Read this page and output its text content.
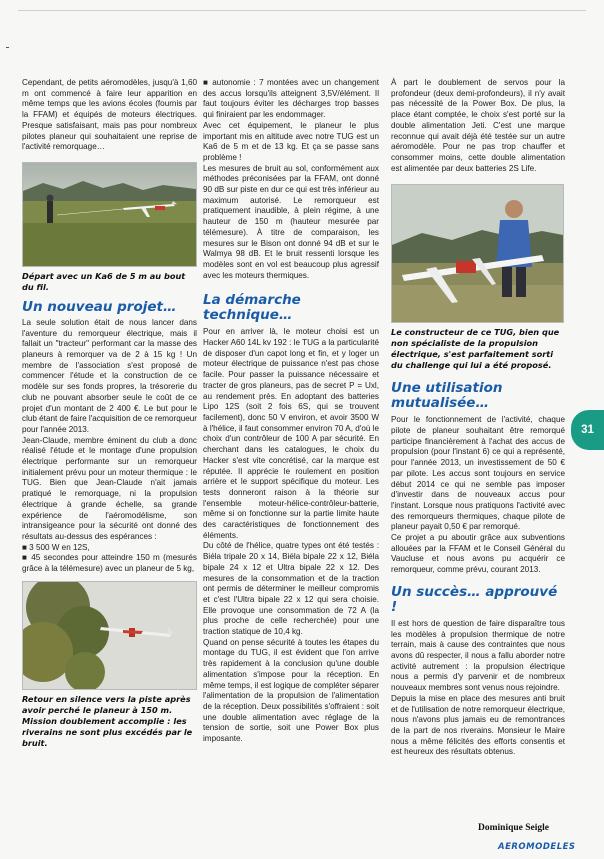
Cependant, de petits aéromodèles, jusqu'à 1,60 m ont commencé à faire leur apparition en même temps que les avions écoles (fournis par la FFAM) et équipés de moteurs électriques. Presque satisfaisant, mais pas pour nombreux pilotes planeur qui souhaitaient une reprise de l'activité remorquage…

Départ avec un Ka6 de 5 m au bout du fil.
Un nouveau projet…

La seule solution était de nous lancer dans l'aventure du remorqueur électrique, mais il fallait un "tracteur" performant car la masse des planeurs à remorquer va de 2 à 15 kg ! Un membre de l'association s'est proposé de commencer l'étude et la construction de ce modèle sur ses fonds propres, la trésorerie du club ne pouvant absorber seule le coût de ce projet d'un montant de 2 400 €. Le but pour le club étant de faire l'acquisition de ce remorqueur pour l'année 2013.

Jean-Claude, membre éminent du club a donc réalisé l'étude et le montage d'une propulsion électrique performante sur un remorqueur initialement prévu pour un moteur thermique : le TUG. Bien que Jean-Claude n'ait jamais pratiqué le remorquage, ni la propulsion électrique à grande échelle, sa grande expérience de l'aéromodélisme, son intransigeance pour la sécurité ont donné des résultats au-dessus des espérances :

■ 3 500 W en 12S,

■ 45 secondes pour atteindre 150 m (mesurés grâce à la télémesure) avec un planeur de 5 kg,

Retour en silence vers la piste après avoir perché le planeur à 150 m. Mission doublement accomplie : les riverains ne sont plus excédés par le bruit.

■ autonomie : 7 montées avec un changement des accus lorsqu'ils atteignent 3,5V/élément. Il faut toujours éviter les décharges trop basses qui finiraient par les endommager.

Avec cet équipement, le planeur le plus important mis en altitude avec notre TUG est un Ka6 de 5 m et de 13 kg. Et ça se passe sans problème !

Les mesures de bruit au sol, conformément aux méthodes préconisées par la FFAM, ont donné 90 dB sur piste en dur ce qui est très inférieur au maximum autorisé. Le remorqueur est pratiquement inaudible, à plein régime, à une hauteur de 150 m (hauteur mesurée par télémesure). À titre de comparaison, les mesures sur le Bison ont donné 94 dB et sur le Walmya 98 dB. Et le bruit ressenti lorsque les modèles sont en vol est beaucoup plus agressif avec les moteurs thermiques.

La démarche technique…

Pour en arriver là, le moteur choisi est un Hacker A60 14L kv 192 : le TUG a la particularité de disposer d'un capot long et fin, et y loger un moteur électrique de puissance n'est pas chose facile. Pour passer la puissance nécessaire et tracter de gros planeurs, pas de secret P = Uxl, au rendement près. En adoptant des batteries Lipo 12S (soit 2 fois 6S, qui se trouvent facilement), donc 50 V environ, et avoir 3500 W à l'hélice, il faut consommer environ 70 A, d'où le choix d'un contrôleur de 100 A par sécurité. En cherchant dans les catalogues, le choix du Hacker s'est vite concrétisé, car la marque est réputée. Il apprécie le roulement en position arrière et le support spécifique du moteur. Les tests donneront raison à la théorie sur l'ensemble moteur-hélice-contrôleur-batterie, même si on fonctionne sur la partie limite haute des caractéristiques de fonctionnement des éléments.

Du côté de l'hélice, quatre types ont été testés : Biéla tripale 20 x 14, Biéla bipale 22 x 12, Biéla bipale 24 x 12 et Ultra bipale 22 x 12. Des mesures de la consommation et de la traction ont permis de déterminer le meilleur compromis et c'est l'Ultra bipale 22 x 12 qui sera choisie. Elle provoque une consommation de 72 A (la plus proche de celle recherchée) pour une traction statique de 10,4 kg.

Quand on pense sécurité à toutes les étapes du montage du TUG, il est évident que l'on arrive très rapidement à la conclusion qu'une double alimentation s'impose pour la réception. En même temps, il est logique de compléter séparer l'alimentation de la propulsion de l'alimentation de la réception. Deux possibilités s'offraient : soit une double alimentation avec réglage de la tension de sortie, soit une Power Box plus imposante.

À part le doublement de servos pour la profondeur (deux demi-profondeurs), il n'y avait pas nécessité de la Power Box. De plus, la place étant comptée, le choix s'est porté sur la double alimentation Jeti. C'est une marque reconnue qui avait déjà été testée sur un autre aéromodèle. Pour ne pas trop chauffer et consommer moins, cette double alimentation est alimentée par deux batteries 2S Life.

Le constructeur de ce TUG, bien que non spécialiste de la propulsion électrique, s'est parfaitement sorti du challenge qui lui a été proposé.
Une utilisation mutualisée…

Pour le fonctionnement de l'activité, chaque pilote de planeur souhaitant être remorqué participe financièrement à l'achat des accus de propulsion (pour l'instant 6) ce qui a représenté, pour l'année 2013, un investissement de 50 € par pilote. Les accus sont toujours en service début 2014 ce qui ne semble pas imposer d'investir dans de nouveaux accus pour l'instant. Lorsque nous pratiquons l'activité avec des remorqueurs thermiques, chaque pilote de planeur payait 0,50 € par remorqué.

Ce projet a pu aboutir grâce aux subventions allouées par la FFAM et le Conseil Général du Vaucluse et nous avons pu acquérir ce remorqueur, comme prévu, courant 2013.

Un succès… approuvé !

Il est hors de question de faire disparaître tous les modèles à propulsion thermique de notre terrain, mais à cause des contraintes que nous avons dû respecter, il nous a fallu aborder notre activité autrement : la propulsion électrique nous a permis d'y parvenir et de nombreux nouveaux membres sont venus nous rejoindre.

Depuis la mise en place des mesures anti bruit et de l'utilisation de notre remorqueur électrique, nous n'avons plus jamais eu de remontrances de la part de nos riverains. Monsieur le Maire nous a même félicités des efforts consentis et est heureux des résultats obtenus.

31
Dominique Seigle
AEROMODELES
